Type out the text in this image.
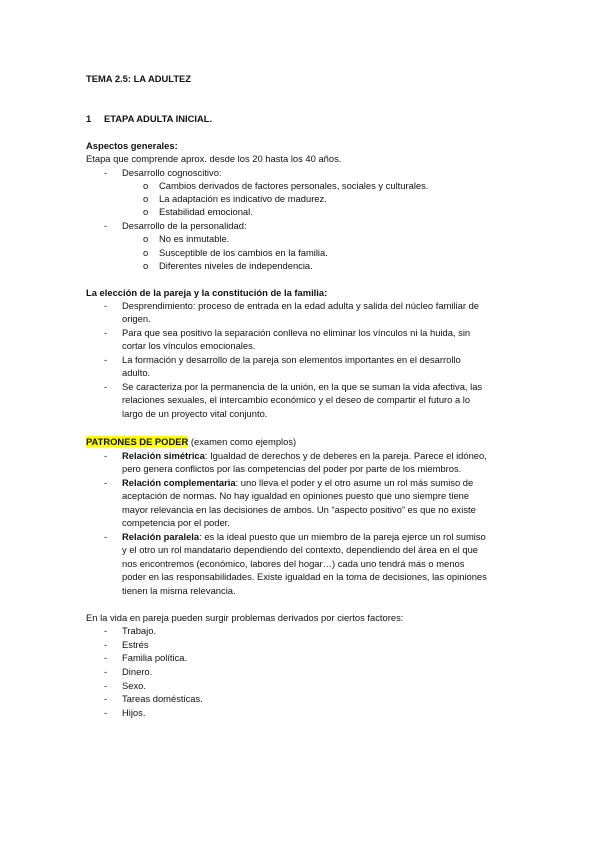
TEMA 2.5: LA ADULTEZ
1 ETAPA ADULTA INICIAL.
Aspectos generales:
Etapa que comprende aprox. desde los 20 hasta los 40 años.
- Desarrollo cognoscitivo:
o Cambios derivados de factores personales, sociales y culturales.
o La adaptación es indicativo de madurez.
o Estabilidad emocional.
- Desarrollo de la personalidad:
o No es inmutable.
o Susceptible de los cambios en la familia.
o Diferentes niveles de independencia.
La elección de la pareja y la constitución de la familia:
- Desprendimiento: proceso de entrada en la edad adulta y salida del núcleo familiar de
origen.
- Para que sea positivo la separación conlleva no eliminar los vínculos ni la huida, sin
cortar los vínculos emocionales.
- La formación y desarrollo de la pareja son elementos importantes en el desarrollo
adulto.
- Se caracteriza por la permanencia de la unión, en la que se suman la vida afectiva, las
relaciones sexuales, el intercambio económico y el deseo de compartir el futuro a lo
largo de un proyecto vital conjunto.
PATRONES DE PODER (examen como ejemplos)
- Relación simétrica: Igualdad de derechos y de deberes en la pareja. Parece el idóneo,
pero genera conflictos por las competencias del poder por parte de los miembros.
- Relación complementaria: uno lleva el poder y el otro asume un rol más sumiso de
aceptación de normas. No hay igualdad en opiniones puesto que uno siempre tiene
mayor relevancia en las decisiones de ambos. Un “aspecto positivo” es que no existe
competencia por el poder.
- Relación paralela: es la ideal puesto que un miembro de la pareja ejerce un rol sumiso
y el otro un rol mandatario dependiendo del contexto, dependiendo del área en el que
nos encontremos (económico, labores del hogar…) cada uno tendrá más o menos
poder en las responsabilidades. Existe igualdad en la toma de decisiones, las opiniones
tienen la misma relevancia.
En la vida en pareja pueden surgir problemas derivados por ciertos factores:
- Trabajo.
- Estrés
- Familia política.
- Dinero.
- Sexo.
- Tareas domésticas.
- Hijos.
